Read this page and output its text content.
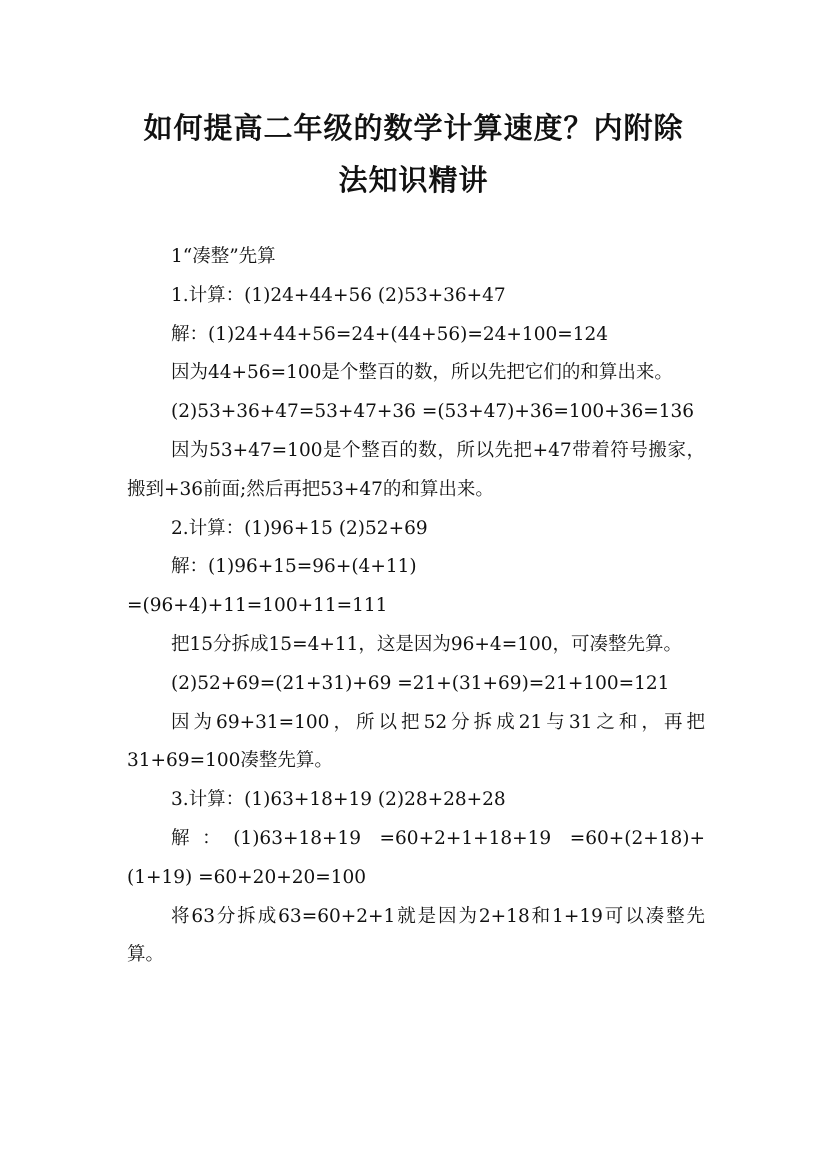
如何提高二年级的数学计算速度？内附除
法知识精讲

1“凑整”先算

1.计算：(1)24+44+56 (2)53+36+47

解：(1)24+44+56=24+(44+56)=24+100=124

因为44+56=100是个整百的数，所以先把它们的和算出来。

(2)53+36+47=53+47+36 =(53+47)+36=100+36=136

因为53+47=100是个整百的数，所以先把+47带着符号搬家，搬到+36前面;然后再把53+47的和算出来。

2.计算：(1)96+15 (2)52+69

解：(1)96+15=96+(4+11)

=(96+4)+11=100+11=111

把15分拆成15=4+11，这是因为96+4=100，可凑整先算。

(2)52+69=(21+31)+69 =21+(31+69)=21+100=121

因为69+31=100，所以把52分拆成21与31之和，再把31+69=100凑整先算。

3.计算：(1)63+18+19 (2)28+28+28

解：(1)63+18+19 =60+2+1+18+19 =60+(2+18)+(1+19) =60+20+20=100

将63分拆成63=60+2+1就是因为2+18和1+19可以凑整先算。
